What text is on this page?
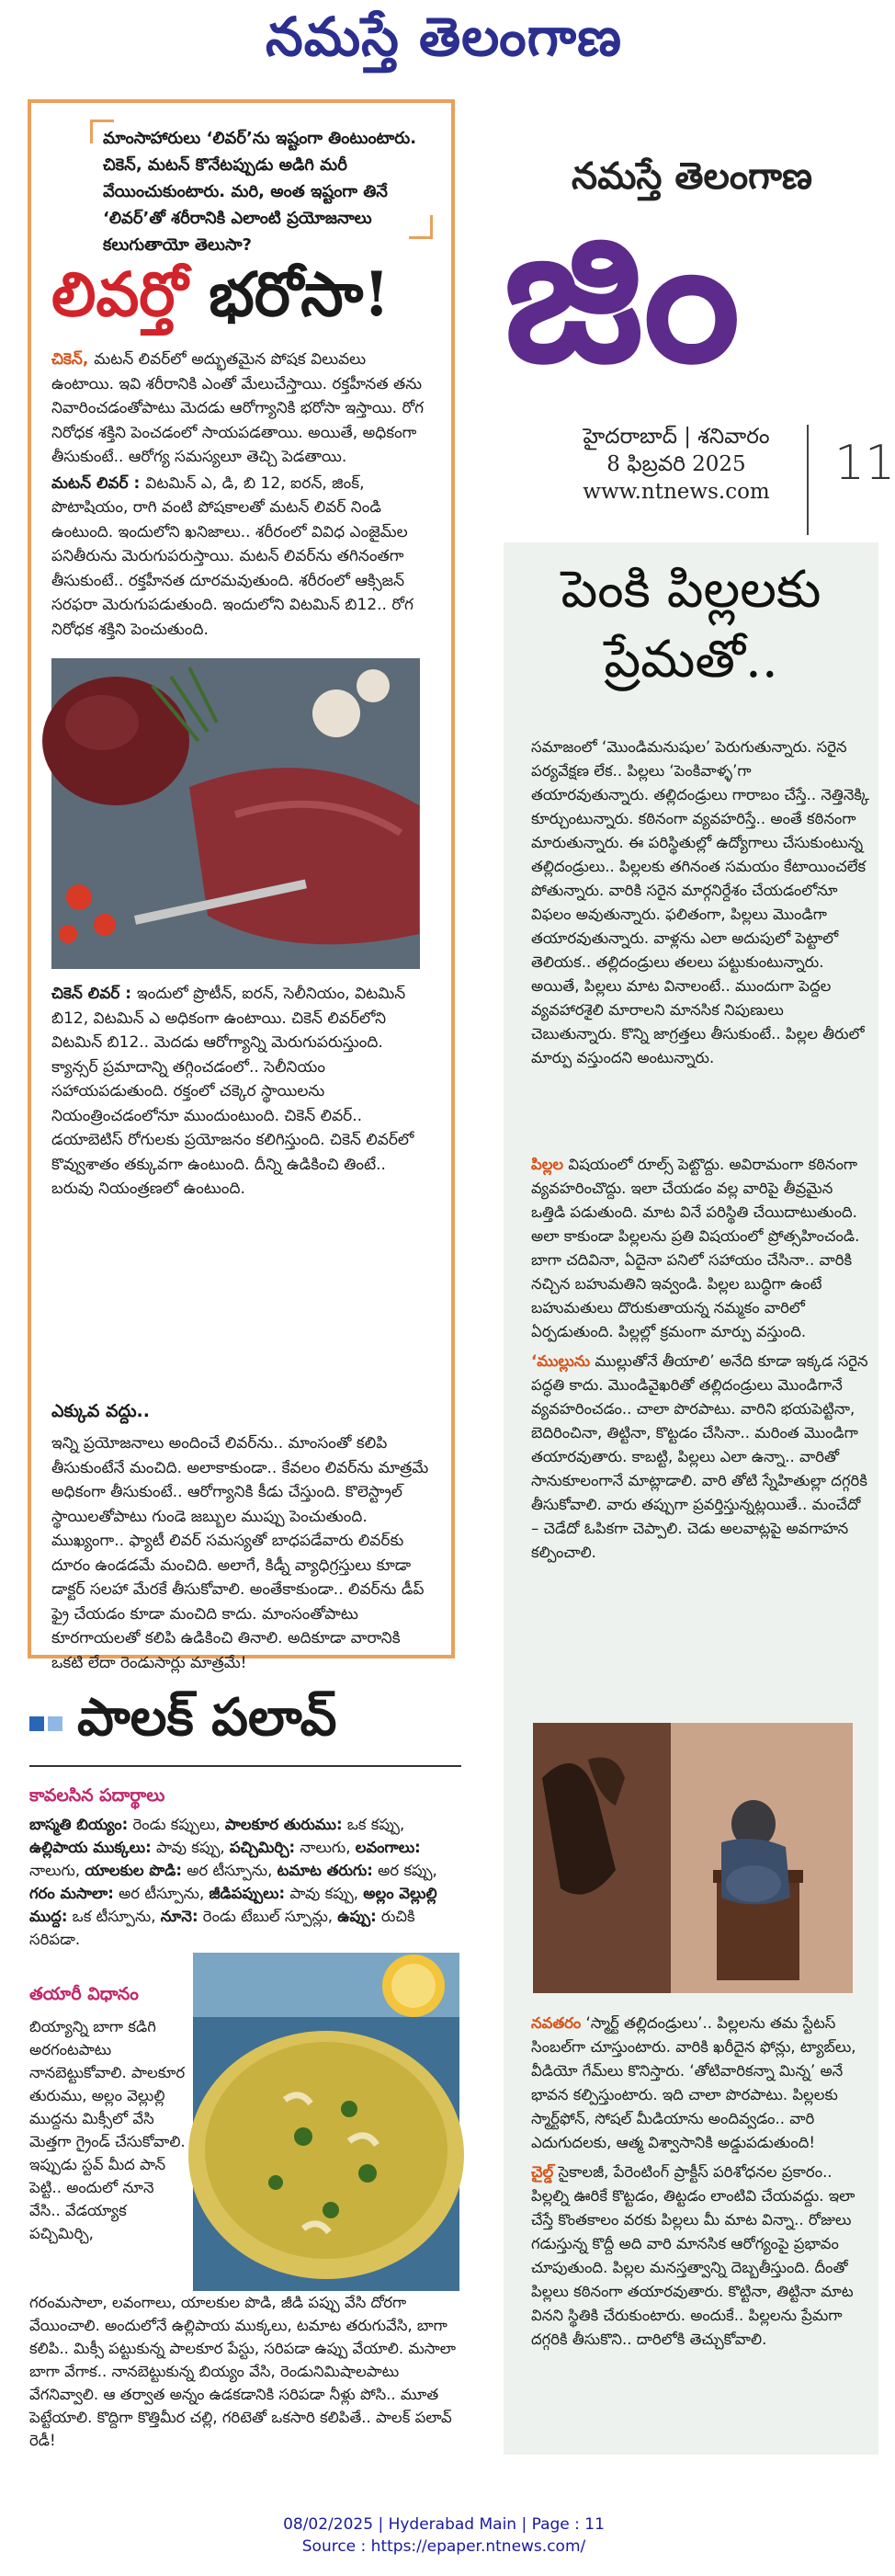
నమస్తే తెలంగాణ
మాంసాహారులు ‘లివర్’ను ఇష్టంగా తింటుంటారు. చికెన్, మటన్ కొనేటప్పుడు అడిగి మరీ వేయించుకుంటారు. మరి, అంత ఇష్టంగా తినే ‘లివర్’తో శరీరానికి ఎలాంటి ప్రయోజనాలు కలుగుతాయో తెలుసా?
లివర్తో భరోసా!

చికెన్, మటన్ లివర్‌లో అద్భుతమైన పోషక విలువలు ఉంటాయి. ఇవి శరీరానికి ఎంతో మేలుచేస్తాయి. రక్తహీనత తను నివారించడంతోపాటు మెదడు ఆరోగ్యానికి భరోసా ఇస్తాయి. రోగ నిరోధక శక్తిని పెంచడంలో సాయపడతాయి. అయితే, అధికంగా తీసుకుంటే.. ఆరోగ్య సమస్యలూ తెచ్చి పెడతాయి.

మటన్ లివర్ : విటమిన్ ఎ, డి, బి 12, ఐరన్, జింక్, పొటాషియం, రాగి వంటి పోషకాలతో మటన్ లివర్ నిండి ఉంటుంది. ఇందులోని ఖనిజాలు.. శరీరంలో వివిధ ఎంజైమ్‌ల పనితీరును మెరుగుపరుస్తాయి. మటన్ లివర్‌ను తగినంతగా తీసుకుంటే.. రక్తహీనత దూరమవుతుంది. శరీరంలో ఆక్సిజన్ సరఫరా మెరుగుపడుతుంది. ఇందులోని విటమిన్ బి12.. రోగ నిరోధక శక్తిని పెంచుతుంది.

చికెన్ లివర్ : ఇందులో ప్రొటీన్, ఐరన్, సెలీనియం, విటమిన్ బి12, విటమిన్ ఎ అధికంగా ఉంటాయి. చికెన్ లివర్‌లోని విటమిన్ బి12.. మెదడు ఆరోగ్యాన్ని మెరుగుపరుస్తుంది. క్యాన్సర్ ప్రమాదాన్ని తగ్గించడంలో.. సెలీనియం సహాయపడుతుంది. రక్తంలో చక్కెర స్థాయిలను నియంత్రించడంలోనూ ముందుంటుంది. చికెన్ లివర్.. డయాబెటిస్ రోగులకు ప్రయోజనం కలిగిస్తుంది. చికెన్ లివర్‌లో కొవ్వుశాతం తక్కువగా ఉంటుంది. దీన్ని ఉడికించి తింటే.. బరువు నియంత్రణలో ఉంటుంది.

ఎక్కువ వద్దు..
ఇన్ని ప్రయోజనాలు అందించే లివర్‌ను.. మాంసంతో కలిపి తీసుకుంటేనే మంచిది. అలాకాకుండా.. కేవలం లివర్‌ను మాత్రమే అధికంగా తీసుకుంటే.. ఆరోగ్యానికి కీడు చేస్తుంది. కొలెస్ట్రాల్ స్థాయిలతోపాటు గుండె జబ్బుల ముప్పు పెంచుతుంది. ముఖ్యంగా.. ఫ్యాటీ లివర్ సమస్యతో బాధపడేవారు లివర్‌కు దూరం ఉండడమే మంచిది. అలాగే, కిడ్నీ వ్యాధిగ్రస్తులు కూడా డాక్టర్ సలహా మేరకే తీసుకోవాలి. అంతేకాకుండా.. లివర్‌ను డీప్ ఫ్రై చేయడం కూడా మంచిది కాదు. మాంసంతోపాటు కూరగాయలతో కలిపి ఉడికించి తినాలి. అదికూడా వారానికి ఒకటి లేదా రెండుసార్లు మాత్రమే!
పాలక్ పలావ్
కావలసిన పదార్థాలు
బాస్మతి బియ్యం: రెండు కప్పులు, పాలకూర తురుము: ఒక కప్పు, ఉల్లిపాయ ముక్కలు: పావు కప్పు, పచ్చిమిర్చి: నాలుగు, లవంగాలు: నాలుగు, యాలకుల పొడి: అర టీస్పూను, టమాట తరుగు: అర కప్పు, గరం మసాలా: అర టీస్పూను, జీడిపప్పులు: పావు కప్పు, అల్లం వెల్లుల్లి ముద్ద: ఒక టీస్పూను, నూనె: రెండు టేబుల్ స్పూన్లు, ఉప్పు: రుచికి సరిపడా.
తయారీ విధానం
బియ్యాన్ని బాగా కడిగి అరగంటపాటు నానబెట్టుకోవాలి. పాలకూర తురుము, అల్లం వెల్లుల్లి ముద్దను మిక్సీలో వేసి మెత్తగా గ్రైండ్ చేసుకోవాలి. ఇప్పుడు స్టవ్ మీద పాన్ పెట్టి.. అందులో నూనె వేసి.. వేడయ్యాక పచ్చిమిర్చి,
గరంమసాలా, లవంగాలు, యాలకుల పొడి, జీడి పప్పు వేసి దోరగా వేయించాలి. అందులోనే ఉల్లిపాయ ముక్కలు, టమాట తరుగువేసి, బాగా కలిపి.. మిక్సీ పట్టుకున్న పాలకూర పేస్టు, సరిపడా ఉప్పు వేయాలి. మసాలా బాగా వేగాక.. నానబెట్టుకున్న బియ్యం వేసి, రెండునిమిషాలపాటు వేగనివ్వాలి. ఆ తర్వాత అన్నం ఉడకడానికి సరిపడా నీళ్లు పోసి.. మూత పెట్టేయాలి. కొద్దిగా కొత్తిమీర చల్లి, గరిటెతో ఒకసారి కలిపితే.. పాలక్ పలావ్ రెడీ!
నమస్తే తెలంగాణ
జిం
హైదరాబాద్ | శనివారం
8 ఫిబ్రవరి 2025
www.ntnews.com
11
పెంకి పిల్లలకు
ప్రేమతో..
సమాజంలో ‘మొండిమనుషుల’ పెరుగుతున్నారు. సరైన పర్యవేక్షణ లేక.. పిల్లలు ‘పెంకివాళ్ళ’గా తయారవుతున్నారు. తల్లిదండ్రులు గారాబం చేస్తే.. నెత్తినెక్కి కూర్చుంటున్నారు. కఠినంగా వ్యవహరిస్తే.. అంతే కఠినంగా మారుతున్నారు. ఈ పరిస్థితుల్లో ఉద్యోగాలు చేసుకుంటున్న తల్లిదండ్రులు.. పిల్లలకు తగినంత సమయం కేటాయించలేక పోతున్నారు. వారికి సరైన మార్గనిర్దేశం చేయడంలోనూ విఫలం అవుతున్నారు. ఫలితంగా, పిల్లలు మొండిగా తయారవుతున్నారు. వాళ్లను ఎలా అదుపులో పెట్టాలో తెలియక.. తల్లిదండ్రులు తలలు పట్టుకుంటున్నారు. అయితే, పిల్లలు మాట వినాలంటే.. ముందుగా పెద్దల వ్యవహారశైలి మారాలని మానసిక నిపుణులు చెబుతున్నారు. కొన్ని జాగ్రత్తలు తీసుకుంటే.. పిల్లల తీరులో మార్పు వస్తుందని అంటున్నారు.

పిల్లల విషయంలో రూల్స్ పెట్టొద్దు. అవిరామంగా కఠినంగా వ్యవహరించొద్దు. ఇలా చేయడం వల్ల వారిపై తీవ్రమైన ఒత్తిడి పడుతుంది. మాట వినే పరిస్థితి చేయిదాటుతుంది. అలా కాకుండా పిల్లలను ప్రతి విషయంలో ప్రోత్సహించండి. బాగా చదివినా, ఏదైనా పనిలో సహాయం చేసినా.. వారికి నచ్చిన బహుమతిని ఇవ్వండి. పిల్లల బుద్ధిగా ఉంటే బహుమతులు దొరుకుతాయన్న నమ్మకం వారిలో ఏర్పడుతుంది. పిల్లల్లో క్రమంగా మార్పు వస్తుంది.

‘ముల్లును ముల్లుతోనే తీయాలి’ అనేది కూడా ఇక్కడ సరైన పద్ధతి కాదు. మొండివైఖరితో తల్లిదండ్రులు మొండిగానే వ్యవహరించడం.. చాలా పొరపాటు. వారిని భయపెట్టినా, బెదిరించినా, తిట్టినా, కొట్టడం చేసినా.. మరింత మొండిగా తయారవుతారు. కాబట్టి, పిల్లలు ఎలా ఉన్నా.. వారితో సానుకూలంగానే మాట్లాడాలి. వారి తోటి స్నేహితుల్లా దగ్గరికి తీసుకోవాలి. వారు తప్పుగా ప్రవర్తిస్తున్నట్లయితే.. మంచేదో – చెడేదో ఓపికగా చెప్పాలి. చెడు అలవాట్లపై అవగాహన కల్పించాలి.

నవతరం ‘స్మార్ట్ తల్లిదండ్రులు’.. పిల్లలను తమ స్టేటస్ సింబల్‌గా చూస్తుంటారు. వారికి ఖరీదైన ఫోన్లు, ట్యాబ్‌లు, వీడియో గేమ్‌లు కొనిస్తారు. ‘తోటివారికన్నా మిన్న’ అనే భావన కల్పిస్తుంటారు. ఇది చాలా పొరపాటు. పిల్లలకు స్మార్ట్‌ఫోన్, సోషల్ మీడియాను అందివ్వడం.. వారి ఎదుగుదలకు, ఆత్మ విశ్వాసానికి అడ్డుపడుతుంది!

చైల్డ్ సైకాలజీ, పేరెంటింగ్ ప్రాక్టీస్ పరిశోధనల ప్రకారం.. పిల్లల్ని ఊరికే కొట్టడం, తిట్టడం లాంటివి చేయవద్దు. ఇలా చేస్తే కొంతకాలం వరకు పిల్లలు మీ మాట విన్నా.. రోజులు గడుస్తున్న కొద్దీ అది వారి మానసిక ఆరోగ్యంపై ప్రభావం చూపుతుంది. పిల్లల మనస్తత్వాన్ని దెబ్బతీస్తుంది. దీంతో పిల్లలు కఠినంగా తయారవుతారు. కొట్టినా, తిట్టినా మాట వినని స్థితికి చేరుకుంటారు. అందుకే.. పిల్లలను ప్రేమగా దగ్గరికి తీసుకొని.. దారిలోకి తెచ్చుకోవాలి.

08/02/2025 | Hyderabad Main | Page : 11
Source : https://epaper.ntnews.com/
